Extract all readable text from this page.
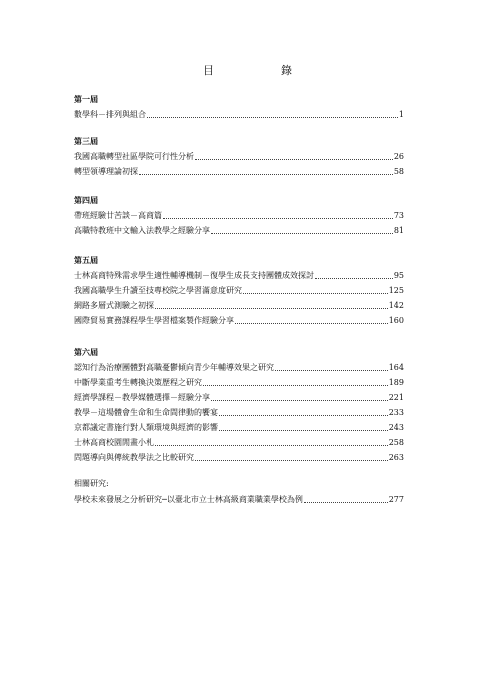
目　錄
第一屆
數學科－排列與組合	1
第三屆
我國高職轉型社區學院可行性分析	26
轉型領導理論初探	58
第四屆
帶班經驗廿苦談－高商篇	73
高職特教班中文輸入法教學之經驗分享	81
第五屆
士林高商特殊需求學生適性輔導機制－復學生成長支持團體成效探討	95
我國高職學生升讀至技專校院之學習滿意度研究	125
網路多層式測驗之初探	142
國際貿易實務課程學生學習檔案製作經驗分享	160
第六屆
認知行為治療團體對高職憂鬱傾向青少年輔導效果之研究	164
中斷學業重考生轉換決策歷程之研究	189
經濟學課程－教學媒體選擇－經驗分享	221
教學－這場體會生命和生命間律動的饗宴	233
京都議定書施行對人類環境與經濟的影響	243
士林高商校園閒畫小札	258
問題導向與傳統教學法之比較研究	263
相關研究:
學校未來發展之分析研究─以臺北市立士林高級商業職業學校為例	277
